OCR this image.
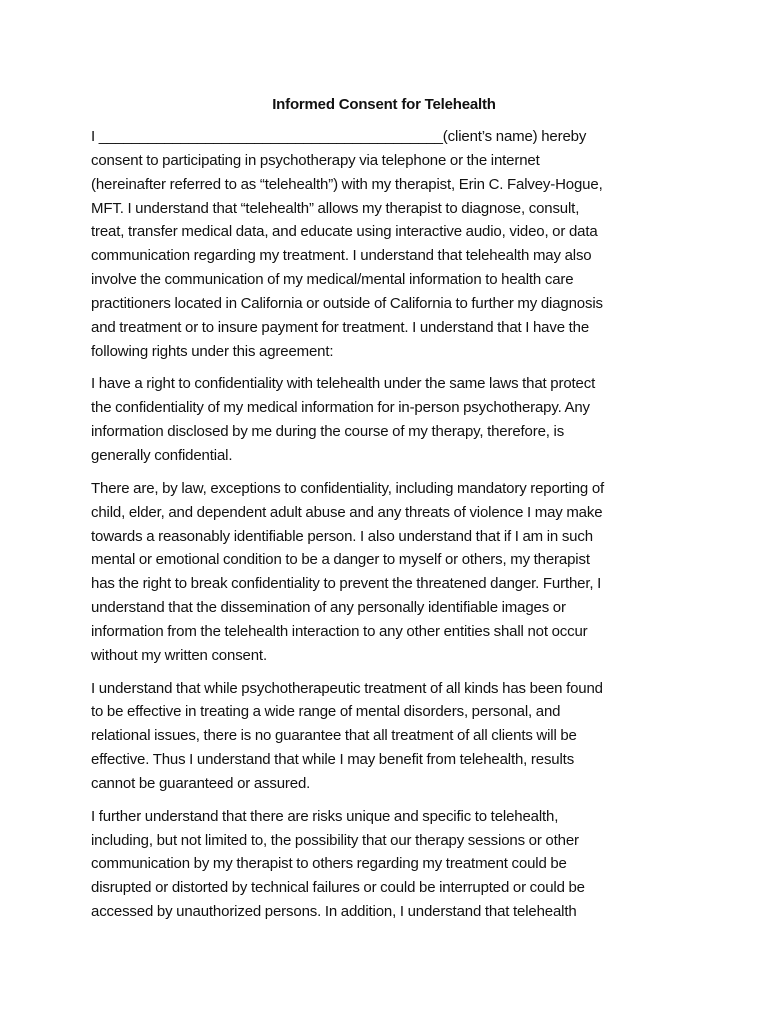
Informed Consent for Telehealth
I __________________________________________(client’s name) hereby
consent to participating in psychotherapy via telephone or the internet
(hereinafter referred to as “telehealth”) with my therapist, Erin C. Falvey-Hogue,
MFT. I understand that “telehealth” allows my therapist to diagnose, consult,
treat, transfer medical data, and educate using interactive audio, video, or data
communication regarding my treatment. I understand that telehealth may also
involve the communication of my medical/mental information to health care
practitioners located in California or outside of California to further my diagnosis
and treatment or to insure payment for treatment. I understand that I have the
following rights under this agreement:
I have a right to confidentiality with telehealth under the same laws that protect
the confidentiality of my medical information for in-person psychotherapy. Any
information disclosed by me during the course of my therapy, therefore, is
generally confidential.
There are, by law, exceptions to confidentiality, including mandatory reporting of
child, elder, and dependent adult abuse and any threats of violence I may make
towards a reasonably identifiable person. I also understand that if I am in such
mental or emotional condition to be a danger to myself or others, my therapist
has the right to break confidentiality to prevent the threatened danger. Further, I
understand that the dissemination of any personally identifiable images or
information from the telehealth interaction to any other entities shall not occur
without my written consent.
I understand that while psychotherapeutic treatment of all kinds has been found
to be effective in treating a wide range of mental disorders, personal, and
relational issues, there is no guarantee that all treatment of all clients will be
effective. Thus I understand that while I may benefit from telehealth, results
cannot be guaranteed or assured.
I further understand that there are risks unique and specific to telehealth,
including, but not limited to, the possibility that our therapy sessions or other
communication by my therapist to others regarding my treatment could be
disrupted or distorted by technical failures or could be interrupted or could be
accessed by unauthorized persons. In addition, I understand that telehealth
